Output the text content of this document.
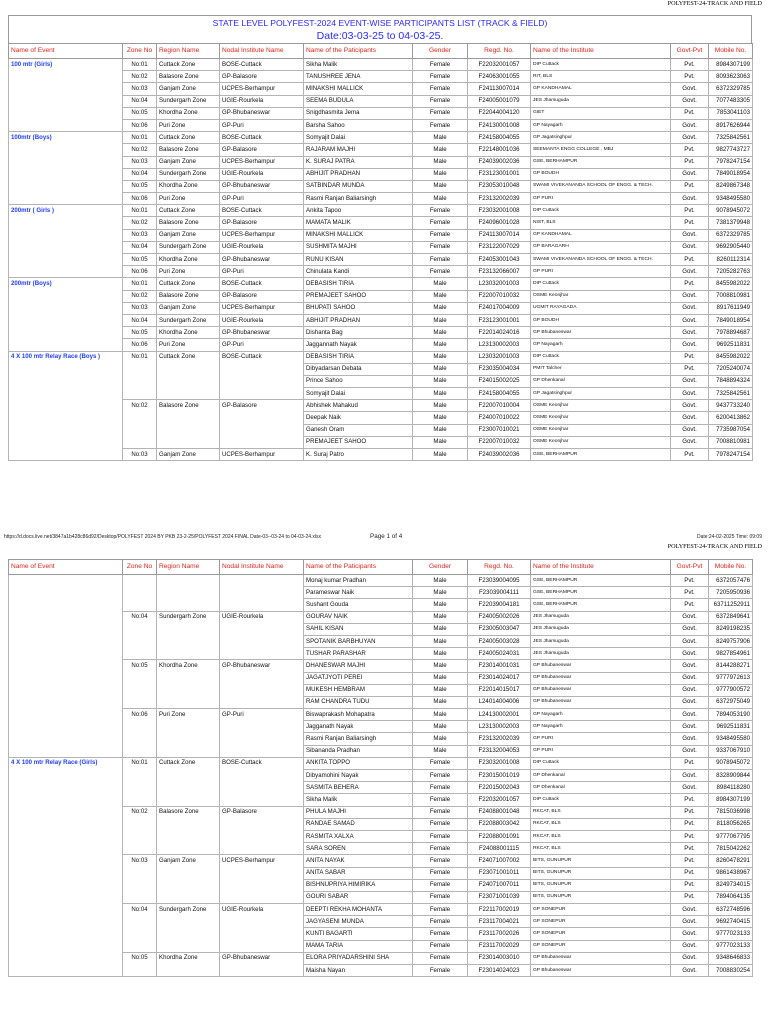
POLYFEST-24-TRACK AND FIELD
STATE LEVEL POLYFEST-2024 EVENT-WISE PARTICIPANTS LIST (TRACK & FIELD)
Date:03-03-25 to 04-03-25.
Name of Event	Zone No	Region Name	Nodal Institute Name	Name of the Paticipants	Gender	Regd. No.	Name of the Institute	Govt-Pvt	Mobile No.
100 mtr (Girls)	No:01	Cuttack Zone	BOSE-Cuttack	Sikha Malik	Female	F22032001057	DIP Cuttack	Pvt.	8984307199
	No:02	Balasore Zone	GP-Balasore	TANUSHREE JENA	Female	F24063001055	RIT, BLS	Pvt.	8093623063
	No:03	Ganjam Zone	UCPES-Berhampur	MINAKSHI MALLICK	Female	F24113007014	GP KANDHAMAL	Govt.	6372329785
	No:04	Sundergarh Zone	UGIE-Rourkela	SEEMA BUDULA	Female	F24005001079	JES Jharsuguda	Govt.	7077483305
	No:05	Khordha Zone	GP-Bhubaneswar	Snigdhasmita Jema	Female	F22044004120	GIET	Pvt.	7853041103
	No:06	Puri Zone	GP-Puri	Barsha Sahoo	Female	F24130001008	GP Nayagarh	Govt.	8917626944
100mtr (Boys)	No:01	Cuttack Zone	BOSE-Cuttack	Somyajit Dalai	Male	F24158004055	GP Jagatsinghpur	Govt.	7325842561
	No:02	Balasore Zone	GP-Balasore	RAJARAM MAJHI	Male	F22148001036	SEEMANTA ENGG COLLEGE , MBJ	Pvt.	9827743727
	No:03	Ganjam Zone	UCPES-Berhampur	K. SURAJ PATRA	Male	F24039002036	GSE, BERHAMPUR	Pvt.	7978247154
	No:04	Sundergarh Zone	UGIE-Rourkela	ABHIJIT PRADHAN	Male	F23123001001	GP BOUDH	Govt.	7849018954
	No:05	Khordha Zone	GP-Bhubaneswar	SATBINDAR MUNDA	Male	F23053010048	SWAMI VIVEKANANDA SCHOOL OF ENGG. & TECH.	Pvt.	8249867348
	No:06	Puri Zone	GP-Puri	Rasmi Ranjan Baliarsingh	Male	F23132002039	GP PURI	Govt.	9348495580
200mtr ( Girls )	No:01	Cuttack Zone	BOSE-Cuttack	Ankita Tapoo	Female	F23032001008	DIP Cuttack	Pvt.	9078945072
	No:02	Balasore Zone	GP-Balasore	MAMATA MALIK	Female	F24096001028	NIST, BLS	Pvt.	7381379948
	No:03	Ganjam Zone	UCPES-Berhampur	MINAKSHI MALLICK	Female	F24113007014	GP KANDHAMAL	Govt.	6372329785
	No:04	Sundergarh Zone	UGIE-Rourkela	SUSHMITA MAJHI	Female	F23122007029	GP BARAGARH	Govt.	9692905440
	No:05	Khordha Zone	GP-Bhubaneswar	RUNU KISAN	Female	F24053001043	SWAMI VIVEKANANDA SCHOOL OF ENGG. & TECH.	Pvt.	8260112314
	No:06	Puri Zone	GP-Puri	Chinulata Kandi	Female	F23132066007	GP PURI	Govt.	7205282763
200mtr (Boys)	No:01	Cuttack Zone	BOSE-Cuttack	DEBASISH TIRIA	Male	L23032001003	DIP Cuttack	Pvt.	8455982022
	No:02	Balasore Zone	GP-Balasore	PREMAJEET SAHOO	Male	F22007010032	OSME Keonjhar	Govt.	7008810981
	No:03	Ganjam Zone	UCPES-Berhampur	BHUPATI SAHOO	Male	F24017004009	UGMIT RAYAGADA	Govt.	8917611949
	No:04	Sundergarh Zone	UGIE-Rourkela	ABHIJIT PRADHAN	Male	F23123001001	GP BOUDH	Govt.	7849018954
	No:05	Khordha Zone	GP-Bhubaneswar	Dishanta Bag	Male	F22014024016	GP Bhubaneswar	Govt.	7978894687
	No:06	Puri Zone	GP-Puri	Jaggannath Nayak	Male	L23130002003	GP Nayagarh	Govt.	9692511831
4 X 100 mtr Relay Race (Boys )	No:01	Cuttack Zone	BOSE-Cuttack	DEBASISH TIRIA	Male	L23032001003	DIP Cuttack	Pvt.	8455982022
				Dibyadarsan Debata	Male	F23035004034	PMIT Talcher	Pvt.	7205240074
				Prince Sahoo	Male	F24015002025	GP Dhenkanal	Govt.	7848894324
				Somyajit Dalai	Male	F24158004055	GP Jagatsinghpur	Govt.	7325842561
	No:02	Balasore Zone	GP-Balasore	Abhishek Mahakud	Male	F22007010004	OSME Keonjhar	Govt.	9437733240
				Deepak Naik	Male	F24007010022	OSME Keonjhar	Govt.	6200413862
				Ganesh Oram	Male	F23007010021	OSME Keonjhar	Govt.	7735987054
				PREMAJEET SAHOO	Male	F22007010032	OSME Keonjhar	Govt.	7008810981
	No:03	Ganjam Zone	UCPES-Berhampur	K. Suraj Patro	Male	F24039002036	GSE, BERHAMPUR	Pvt.	7978247154
https://d.docs.live.net/3847a1b428c86d92/Desktop/POLYFEST 2024 BY PKB 23-2-25/POLYFEST 2024 FINAL Date-03--03-24 to 04-03-24.xlsx	Page 1 of 4	Date:24-02-2025 Time: 09:09
POLYFEST-24-TRACK AND FIELD
Name of Event	Zone No	Region Name	Nodal Institute Name	Name of the Paticipants	Gender	Regd. No.	Name of the Institute	Govt-Pvt	Mobile No.
				Monaj kumar Pradhan	Male	F23039004095	GSE, BERHAMPUR	Pvt.	6372057476
				Parameswar Naik	Male	F23039004111	GSE, BERHAMPUR	Pvt.	7205950936
				Sushant Gouda	Male	F22039004181	GSE, BERHAMPUR	Pvt.	63711252911
	No:04	Sundergarh Zone	UGIE-Rourkela	GOURAV NAIK	Male	F24005002026	JES Jharsuguda	Govt.	6372849641
				SAHIL KISAN	Male	F23005003047	JES Jharsuguda	Govt.	8249198235
				SPOTANIK BARBHUYAN	Male	F24005003028	JES Jharsuguda	Govt.	8249757906
				TUSHAR PARASHAR	Male	F24005024031	JES Jharsuguda	Govt.	9827854961
	No:05	Khordha Zone	GP-Bhubaneswar	DHANESWAR MAJHI	Male	F23014001031	GP Bhubaneswar	Govt.	8144288271
				JAGATJYOTI PEREI	Male	F23014024017	GP Bhubaneswar	Govt.	9777972613
				MUKESH HEMBRAM	Male	F22014015017	GP Bhubaneswar	Govt.	9777900572
				RAM CHANDRA TUDU	Male	L24014004006	GP Bhubaneswar	Govt.	6372975049
	No:06	Puri Zone	GP-Puri	Biswaprakash Mohapatra	Male	L24130002001	GP Nayagarh	Govt.	7894053190
				Jagganath Nayak	Male	L23130002003	GP Nayagarh	Govt.	9692511831
				Rasmi Ranjan Baliarsingh	Male	F23132002039	GP PURI	Govt.	9348495580
				Sibananda Pradhan	Male	F23132004053	GP PURI	Govt.	9337067910
4 X 100 mtr Relay Race (Girls)	No:01	Cuttack Zone	BOSE-Cuttack	ANKITA TOPPO	Female	F23032001008	DIP Cuttack	Pvt.	9078945072
				Dibyamohini Nayak	Female	F23015001019	GP Dhenkanal	Govt.	8328909844
				SASMITA BEHERA	Female	F22015002043	GP Dhenkanal	Govt.	8984118280
				Sikha Malik	Female	F22032001057	DIP Cuttack	Pvt.	8984307199
	No:02	Balasore Zone	GP-Balasore	PHULA MAJHI	Female	F24088001048	RKCAT, BLS	Pvt.	7815036998
				RANDAE SAMAD	Female	F22088003042	RKCAT, BLS	Pvt.	8118056265
				RASMITA XALXA	Female	F22088001091	RKCAT, BLS	Pvt.	9777067795
				SARA SOREN	Female	F24088001115	RKCAT, BLS	Pvt.	7815042262
	No:03	Ganjam Zone	UCPES-Berhampur	ANITA NAYAK	Female	F24071007002	BITS, GUNUPUR	Pvt.	8260478291
				ANITA SABAR	Female	F23071001011	BITS, GUNUPUR	Pvt.	9861438967
				BISHNUPRIYA HIMIRIKA	Female	F24071007011	BITS, GUNUPUR	Pvt.	8249734015
				GOURI SABAR	Female	F23071001039	BITS, GUNUPUR	Pvt.	7894064135
	No:04	Sundergarh Zone	UGIE-Rourkela	DEEPTI REKHA MOHANTA	Female	F22117002019	GP SONEPUR	Govt.	6372748596
				JAGYASENI MUNDA	Female	F23117004021	GP SONEPUR	Govt.	9692740415
				KUNTI BAGARTI	Female	F23117002026	GP SONEPUR	Govt.	9777023133
				MAMA TARIA	Female	F23117002029	GP SONEPUR	Govt.	9777023133
	No:05	Khordha Zone	GP-Bhubaneswar	ELORA PRIYADARSHINI SHA	Female	F23014003010	GP Bhubaneswar	Govt.	9348646833
				Maisha Nayan	Female	F23014024023	GP Bhubaneswar	Govt.	7008830254
